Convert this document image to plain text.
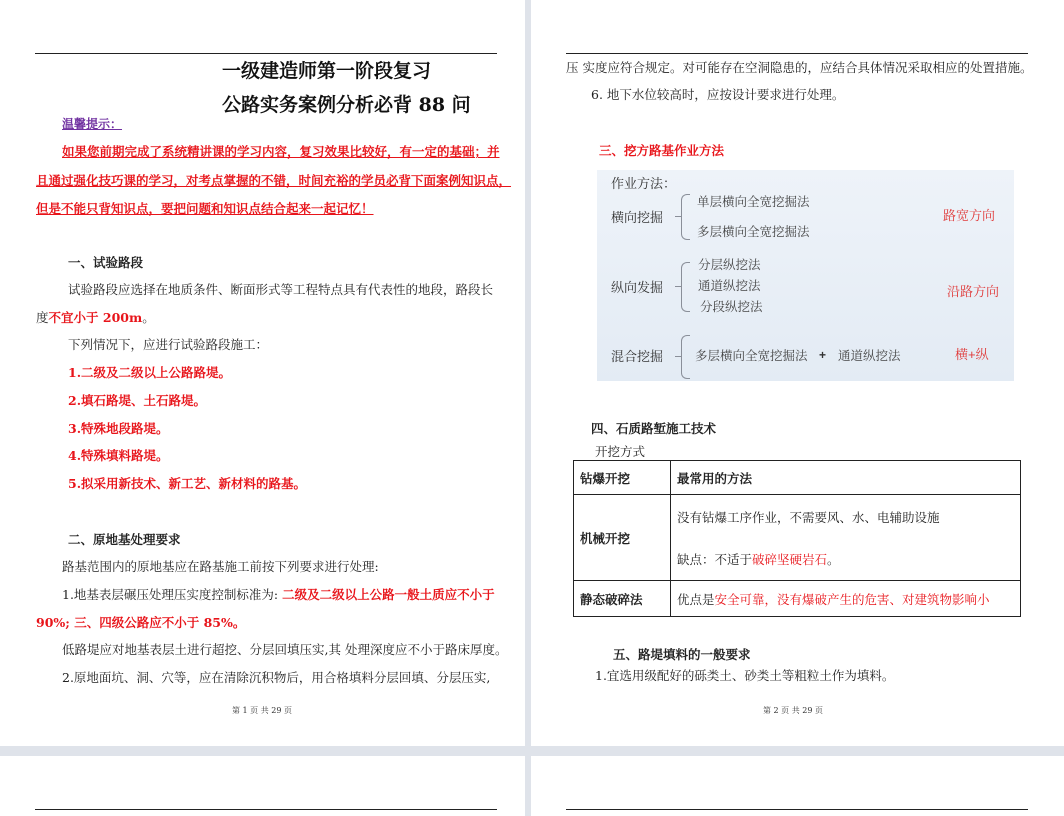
一级建造师第一阶段复习
公路实务案例分析必背 88 问
温馨提示：
如果您前期完成了系统精讲课的学习内容，复习效果比较好，有一定的基础；并
且通过强化技巧课的学习，对考点掌握的不错，时间充裕的学员必背下面案例知识点，
但是不能只背知识点，要把问题和知识点结合起来一起记忆！
一、试验路段
试验路段应选择在地质条件、断面形式等工程特点具有代表性的地段，路段长
度不宜小于 200m。
下列情况下，应进行试验路段施工：
1.二级及二级以上公路路堤。
2.填石路堤、土石路堤。
3.特殊地段路堤。
4.特殊填料路堤。
5.拟采用新技术、新工艺、新材料的路基。
二、原地基处理要求
路基范围内的原地基应在路基施工前按下列要求进行处理:
1.地基表层碾压处理压实度控制标准为: 二级及二级以上公路一般土质应不小于
90%; 三、四级公路应不小于 85%。
低路堤应对地基表层土进行超挖、分层回填压实,其 处理深度应不小于路床厚度。
2.原地面坑、洞、穴等，应在清除沉积物后，用合格填料分层回填、分层压实,
第 1 页 共 29 页
压 实度应符合规定。对可能存在空洞隐患的，应结合具体情况采取相应的处置措施。
6. 地下水位较高时，应按设计要求进行处理。
三、挖方路基作业方法
作业方法：
横向挖掘
单层横向全宽挖掘法
多层横向全宽挖掘法
路宽方向
纵向发掘
分层纵挖法
通道纵挖法
分段纵挖法
沿路方向
混合挖掘	多层横向全宽挖掘法 + 通道纵挖法	横+纵
四、石质路堑施工技术
开挖方式
钻爆开挖	最常用的方法
机械开挖	没有钻爆工序作业，不需要风、水、电辅助设施
缺点：不适于破碎坚硬岩石。

静态破碎法	优点是安全可靠，没有爆破产生的危害、对建筑物影响小
五、路堤填料的一般要求
1.宜选用级配好的砾类土、砂类土等粗粒土作为填料。
第 2 页 共 29 页
